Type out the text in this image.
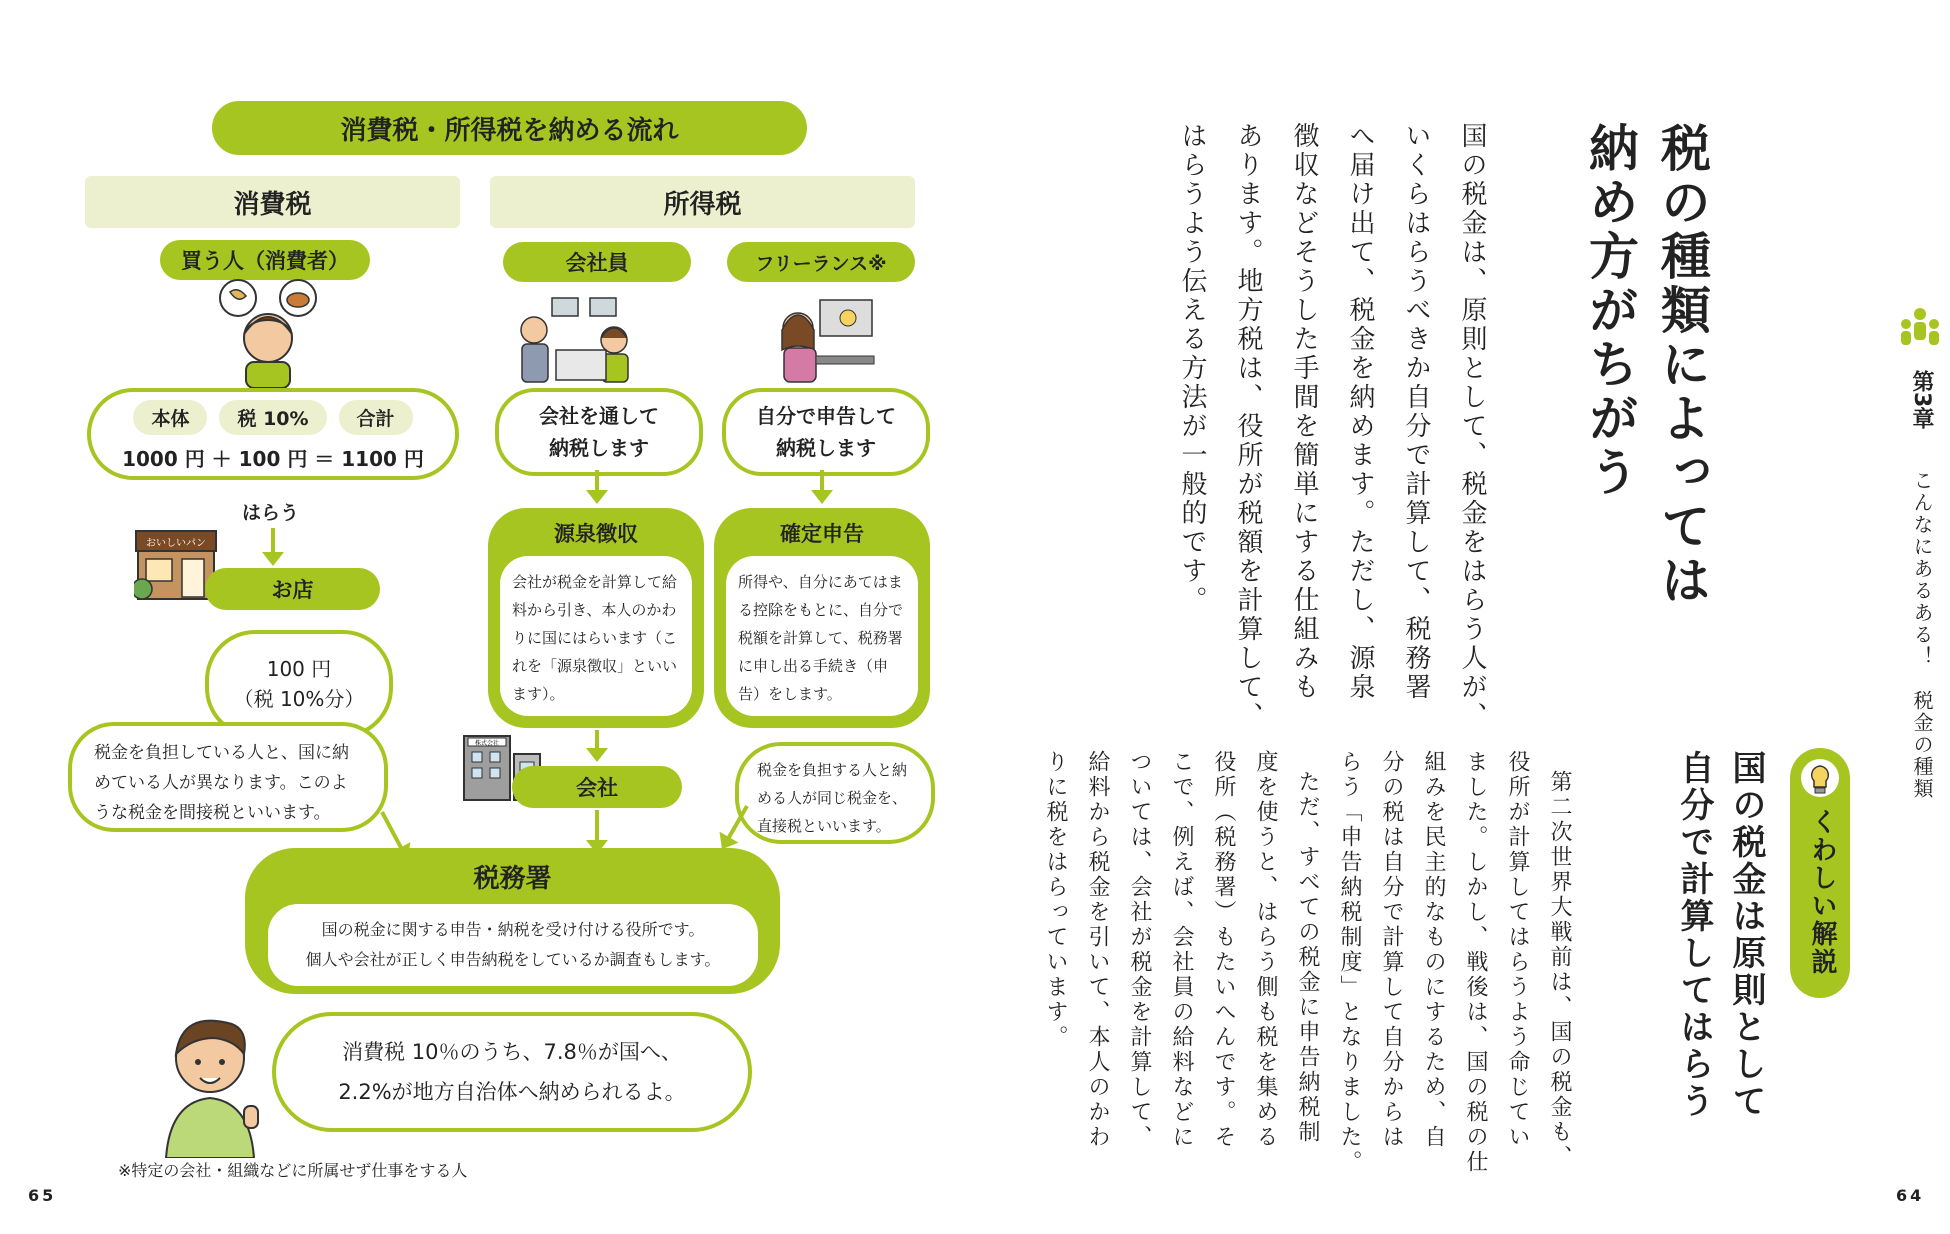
消費税・所得税を納める流れ
消費税	所得税
買う人（消費者）
本体	税 10%	合計
1000 円 ＋ 100 円 ＝ 1100 円
はらう
おいしいパン
お店
100 円
（税 10%分）
税金を負担している人と、国に納めている人が異なります。このような税金を間接税といいます。
会社員	フリーランス※
会社を通して
納税します
自分で申告して
納税します
源泉徴収
会社が税金を計算して給料から引き、本人のかわりに国にはらいます（これを「源泉徴収」といいます）。
確定申告
所得や、自分にあてはまる控除をもとに、自分で税額を計算して、税務署に申し出る手続き（申告）をします。
株式会社
会社
税金を負担する人と納める人が同じ税金を、直接税といいます。
税務署
国の税金に関する申告・納税を受け付ける役所です。
個人や会社が正しく申告納税をしているか調査もします。
消費税 10％のうち、7.8％が国へ、
2.2%が地方自治体へ納められるよ。
※特定の会社・組織などに所属せず仕事をする人
65
税の種類によっては
納め方がちがう
国の税金は、原則として、税金をはらう人が、
いくらはらうべきか自分で計算して、税務署
へ届け出て、税金を納めます。ただし、源泉
徴収などそうした手間を簡単にする仕組みも
あります。地方税は、役所が税額を計算して、
はらうよう伝える方法が一般的です。
くわしい解説
国の税金は原則として
自分で計算してはらう
第二次世界大戦前は、国の税金も、
役所が計算してはらうよう命じてい
ました。しかし、戦後は、国の税の仕
組みを民主的なものにするため、自
分の税は自分で計算して自分からは
らう「申告納税制度」となりました。
ただ、すべての税金に申告納税制
度を使うと、はらう側も税を集める
役所（税務署）もたいへんです。そ
こで、例えば、会社員の給料などに
ついては、会社が税金を計算して、
給料から税金を引いて、本人のかわ
りに税をはらっています。
第3章
こんなにあるある！　税金の種類
64
